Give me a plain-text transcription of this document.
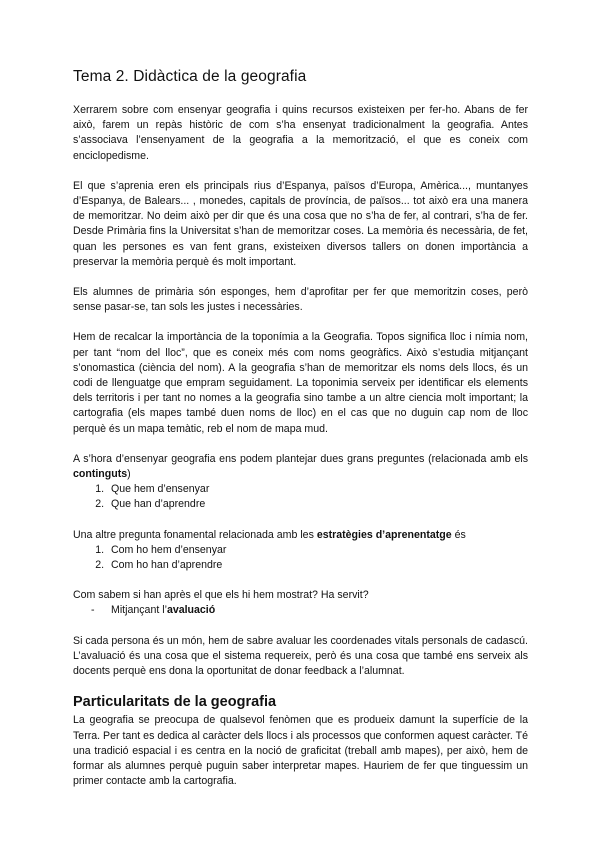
Tema 2. Didàctica de la geografia

Xerrarem sobre com ensenyar geografia i quins recursos existeixen per fer-ho. Abans de fer això, farem un repàs històric de com s’ha ensenyat tradicionalment la geografia. Antes s’associava l’ensenyament de la geografia a la memorització, el que es coneix com enciclopedisme.

El que s’aprenia eren els principals rius d’Espanya, països d’Europa, Amèrica..., muntanyes d’Espanya, de Balears... , monedes, capitals de província, de països... tot això era una manera de memoritzar. No deim això per dir que és una cosa que no s’ha de fer, al contrari, s’ha de fer. Desde Primària fins la Universitat s’han de memoritzar coses. La memòria és necessària, de fet, quan les persones es van fent grans, existeixen diversos tallers on donen importància a preservar la memòria perquè és molt important.

Els alumnes de primària són esponges, hem d’aprofitar per fer que memoritzin coses, però sense pasar-se, tan sols les justes i necessàries.

Hem de recalcar la importància de la toponímia a la Geografia. Topos significa lloc i nímia nom, per tant “nom del lloc”, que es coneix més com noms geogràfics. Això s’estudia mitjançant s’onomastica (ciència del nom). A la geografia s’han de memoritzar els noms dels llocs, és un codi de llenguatge que empram seguidament. La toponimia serveix per identificar els elements dels territoris i per tant no nomes a la geografia sino tambe a un altre ciencia molt important; la cartografia (els mapes també duen noms de lloc) en el cas que no duguin cap nom de lloc perquè és un mapa temàtic, reb el nom de mapa mud.

A s’hora d’ensenyar geografia ens podem plantejar dues grans preguntes (relacionada amb els continguts)

1. Que hem d’ensenyar
2. Que han d’aprendre

Una altre pregunta fonamental relacionada amb les estratègies d’aprenentatge és

1. Com ho hem d’ensenyar
2. Com ho han d’aprendre

Com sabem si han après el que els hi hem mostrat? Ha servit?

- Mitjançant l’avaluació

Si cada persona és un món, hem de sabre avaluar les coordenades vitals personals de cadascú. L’avaluació és una cosa que el sistema requereix, però és una cosa que també ens serveix als docents perquè ens dona la oportunitat de donar feedback a l’alumnat.

Particularitats de la geografia

La geografia se preocupa de qualsevol fenòmen que es produeix damunt la superfície de la Terra. Per tant es dedica al caràcter dels llocs i als processos que conformen aquest caràcter. Té una tradició espacial i es centra en la noció de graficitat (treball amb mapes), per això, hem de formar als alumnes perquè puguin saber interpretar mapes. Hauriem de fer que tinguessim un primer contacte amb la cartografia.
